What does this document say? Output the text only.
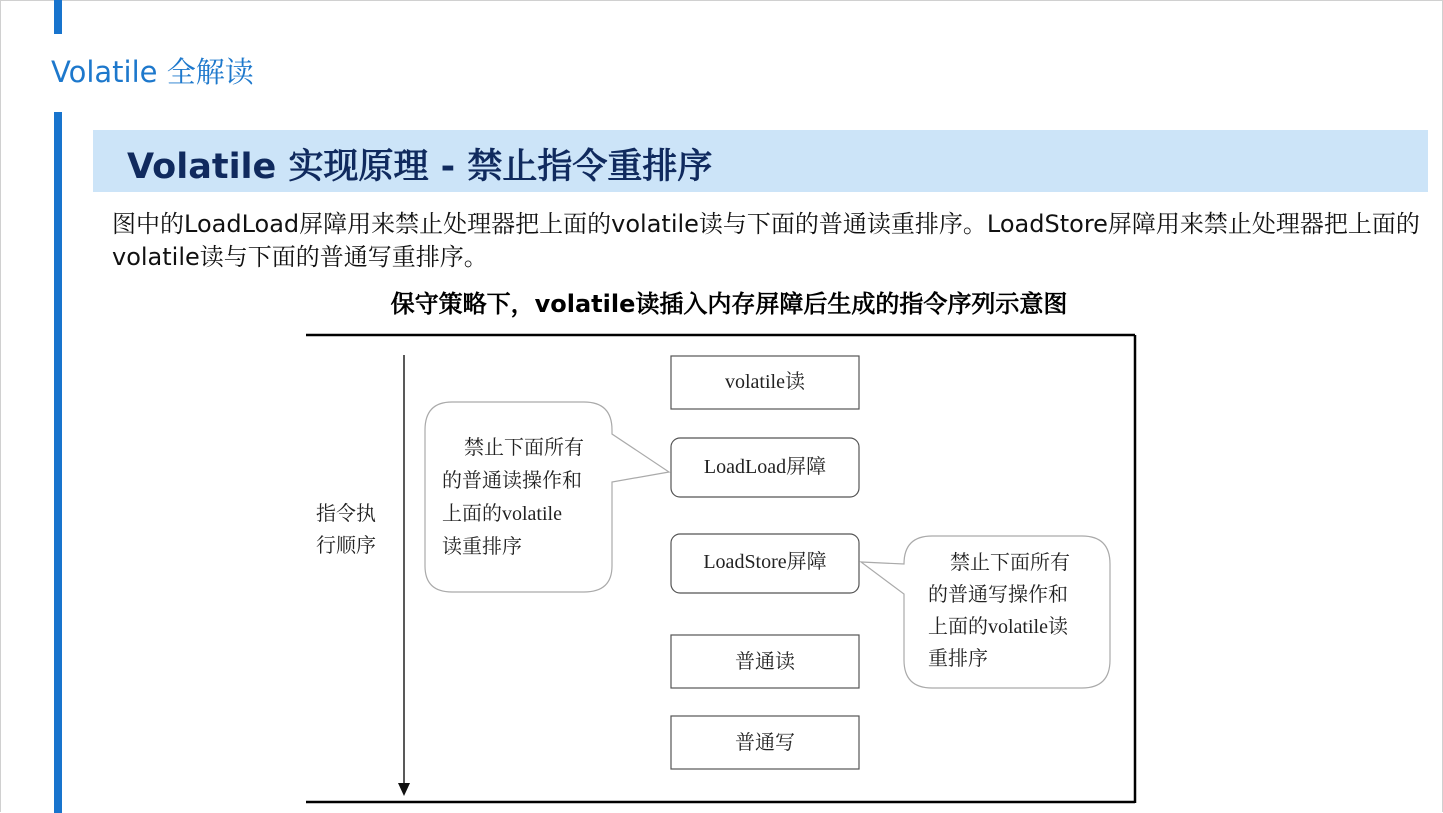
Volatile 全解读
Volatile 实现原理 - 禁止指令重排序

图中的LoadLoad屏障用来禁止处理器把上面的volatile读与下面的普通读重排序。LoadStore屏障用来禁止处理器把上面的volatile读与下面的普通写重排序。

保守策略下，volatile读插入内存屏障后生成的指令序列示意图
指令执
行顺序
volatile读
LoadLoad屏障
LoadStore屏障
普通读
普通写
禁止下面所有
的普通读操作和
上面的volatile
读重排序
禁止下面所有
的普通写操作和
上面的volatile读
重排序
